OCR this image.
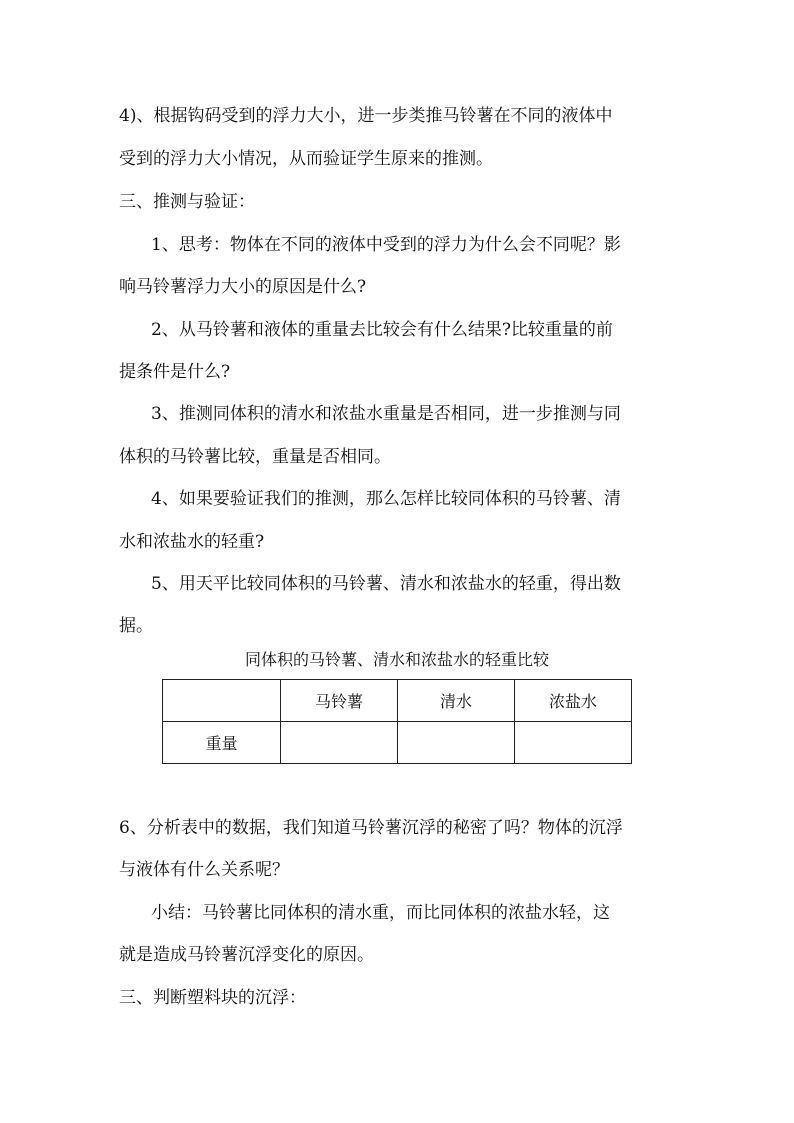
4)、根据钩码受到的浮力大小，进一步类推马铃薯在不同的液体中
受到的浮力大小情况，从而验证学生原来的推测。
三、推测与验证：
1、思考：物体在不同的液体中受到的浮力为什么会不同呢？影
响马铃薯浮力大小的原因是什么?
2、从马铃薯和液体的重量去比较会有什么结果?比较重量的前
提条件是什么?
3、推测同体积的清水和浓盐水重量是否相同，进一步推测与同
体积的马铃薯比较，重量是否相同。
4、如果要验证我们的推测，那么怎样比较同体积的马铃薯、清
水和浓盐水的轻重?
5、用天平比较同体积的马铃薯、清水和浓盐水的轻重，得出数
据。
同体积的马铃薯、清水和浓盐水的轻重比较
	马铃薯	清水	浓盐水
重量			
6、分析表中的数据，我们知道马铃薯沉浮的秘密了吗？物体的沉浮
与液体有什么关系呢？
小结：马铃薯比同体积的清水重，而比同体积的浓盐水轻，这
就是造成马铃薯沉浮变化的原因。
三、判断塑料块的沉浮：
